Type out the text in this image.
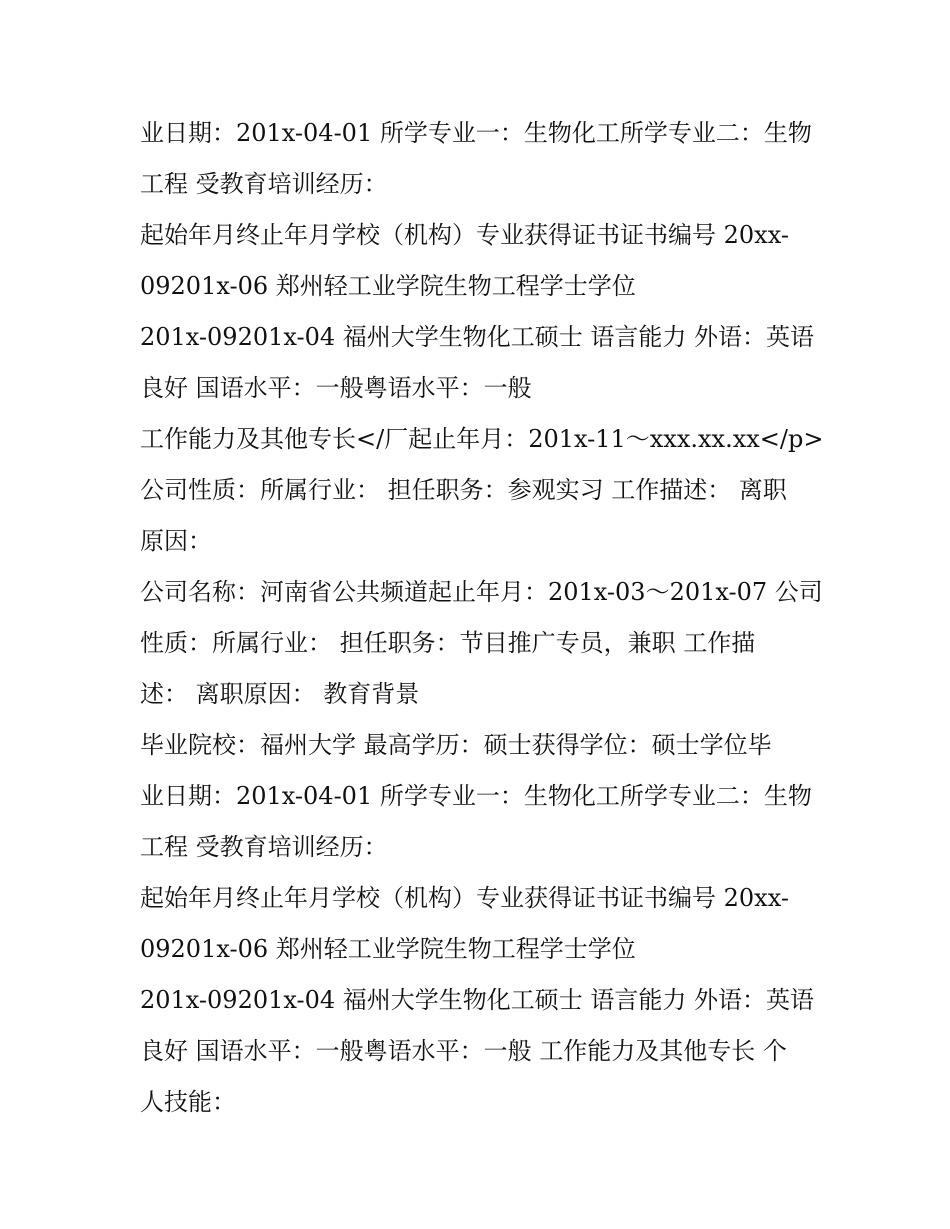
业日期：201x-04-01 所学专业一：生物化工所学专业二：生物
工程 受教育培训经历：
起始年月终止年月学校（机构）专业获得证书证书编号 20xx-
09201x-06 郑州轻工业学院生物工程学士学位
201x-09201x-04 福州大学生物化工硕士 语言能力 外语：英语
良好 国语水平：一般粤语水平：一般
工作能力及其他专长</厂起止年月：201x-11～xxx.xx.xx</p>
公司性质：所属行业： 担任职务：参观实习 工作描述： 离职
原因：
公司名称：河南省公共频道起止年月：201x-03～201x-07 公司
性质：所属行业： 担任职务：节目推广专员，兼职 工作描
述： 离职原因： 教育背景
毕业院校：福州大学 最高学历：硕士获得学位：硕士学位毕
业日期：201x-04-01 所学专业一：生物化工所学专业二：生物
工程 受教育培训经历：
起始年月终止年月学校（机构）专业获得证书证书编号 20xx-
09201x-06 郑州轻工业学院生物工程学士学位
201x-09201x-04 福州大学生物化工硕士 语言能力 外语：英语
良好 国语水平：一般粤语水平：一般 工作能力及其他专长 个
人技能：
